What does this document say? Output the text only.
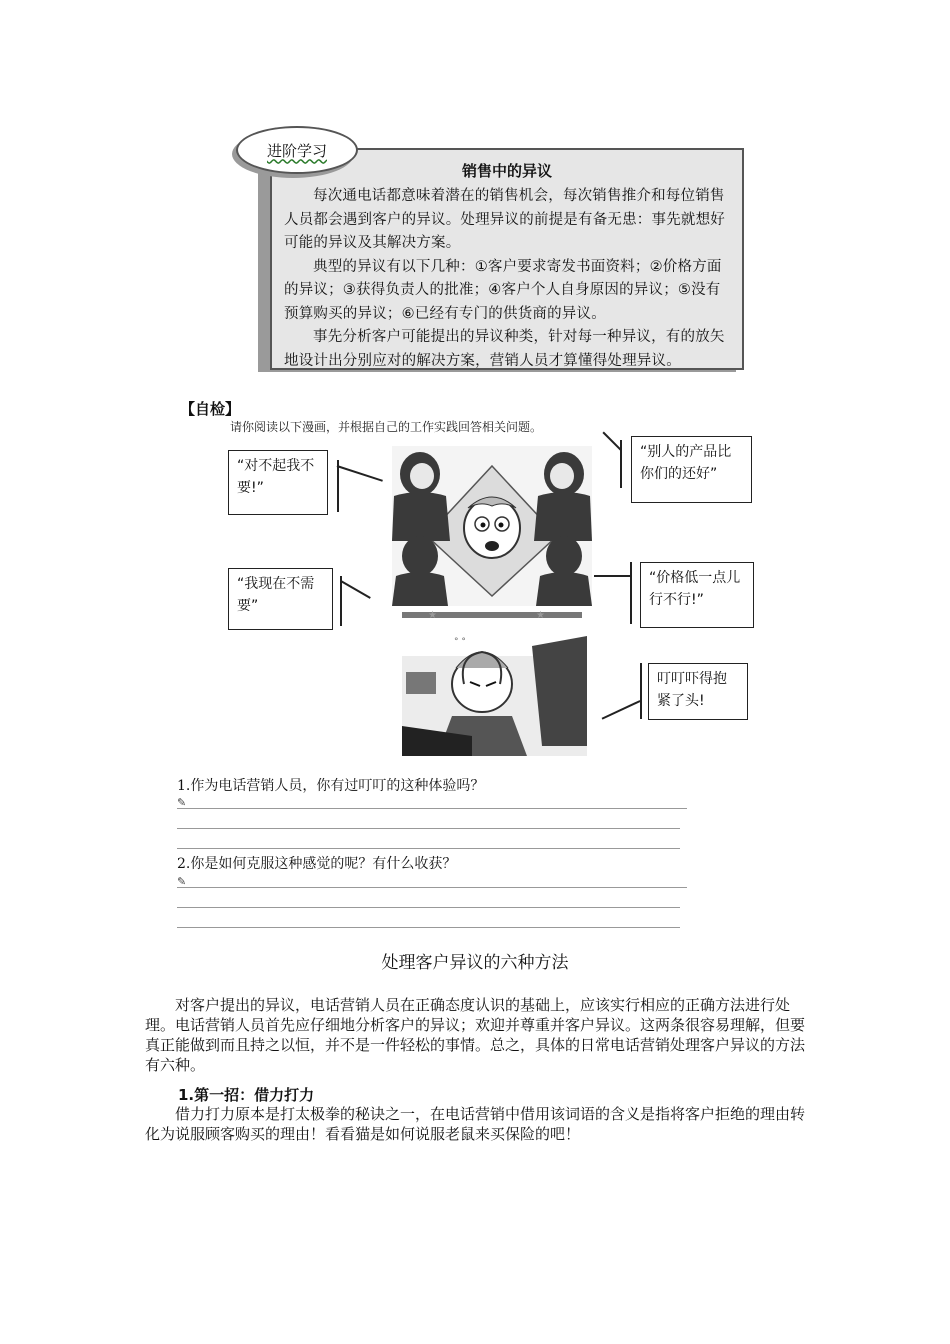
销售中的异议

每次通电话都意味着潜在的销售机会，每次销售推介和每位销售人员都会遇到客户的异议。处理异议的前提是有备无患：事先就想好可能的异议及其解决方案。

典型的异议有以下几种：①客户要求寄发书面资料；②价格方面的异议；③获得负责人的批准；④客户个人自身原因的异议；⑤没有预算购买的异议；⑥已经有专门的供货商的异议。

事先分析客户可能提出的异议种类，针对每一种异议，有的放矢地设计出分别应对的解决方案，营销人员才算懂得处理异议。

进阶学习
【自检】
请你阅读以下漫画，并根据自己的工作实践回答相关问题。
“对不起我不要!”
“别人的产品比你们的还好”
“我现在不需要”
“价格低一点儿行不行!”
叮叮吓得抱紧了头!
★	★
° °
1.作为电话营销人员，你有过叮叮的这种体验吗？
✎
2.你是如何克服这种感觉的呢？有什么收获？
✎
处理客户异议的六种方法

对客户提出的异议，电话营销人员在正确态度认识的基础上，应该实行相应的正确方法进行处理。电话营销人员首先应仔细地分析客户的异议；欢迎并尊重并客户异议。这两条很容易理解，但要真正能做到而且持之以恒，并不是一件轻松的事情。总之，具体的日常电话营销处理客户异议的方法有六种。

1.第一招：借力打力

借力打力原本是打太极拳的秘诀之一，在电话营销中借用该词语的含义是指将客户拒绝的理由转化为说服顾客购买的理由！看看猫是如何说服老鼠来买保险的吧！
